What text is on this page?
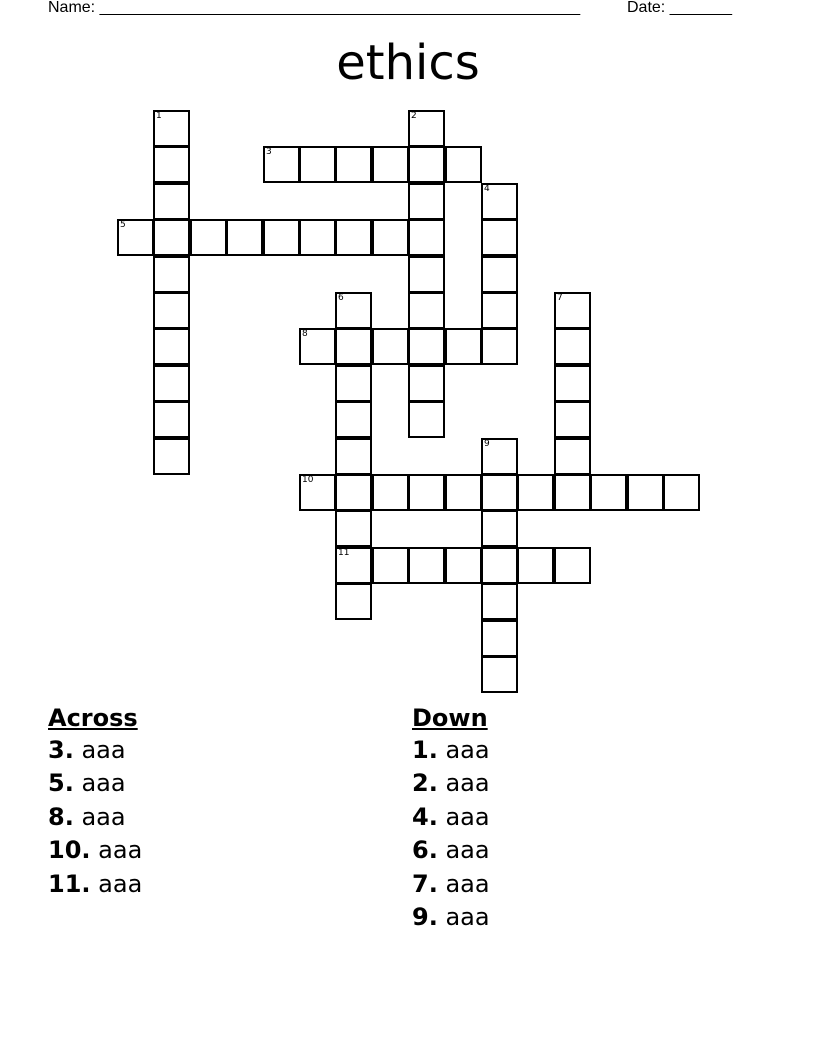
Name: ______________________________________________________	Date: _______
ethics
1	2
3
4
5
6	7
8
9
10
11
Across
3. aaa
5. aaa
8. aaa
10. aaa
11. aaa
Down
1. aaa
2. aaa
4. aaa
6. aaa
7. aaa
9. aaa
